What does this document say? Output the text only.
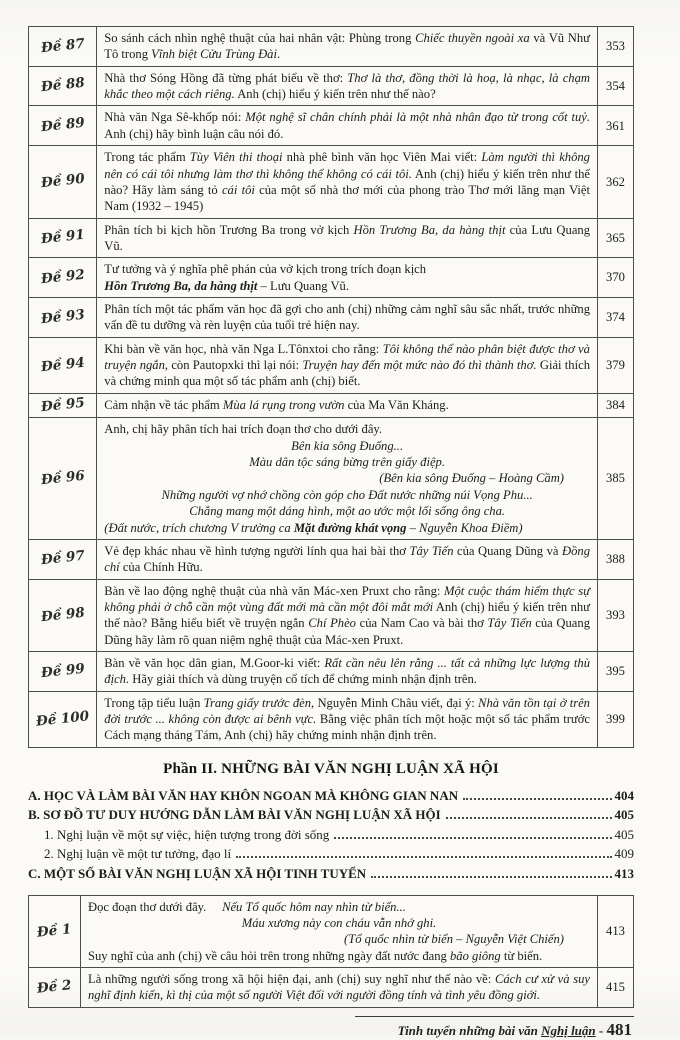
Đề 87	So sánh cách nhìn nghệ thuật của hai nhân vật: Phùng trong Chiếc thuyền ngoài xa và Vũ Như Tô trong Vĩnh biệt Cửu Trùng Đài.	353
Đề 88	Nhà thơ Sóng Hồng đã từng phát biểu về thơ: Thơ là thơ, đồng thời là hoạ, là nhạc, là chạm khắc theo một cách riêng. Anh (chị) hiểu ý kiến trên như thế nào?	354
Đề 89	Nhà văn Nga Sê-khốp nói: Một nghệ sĩ chân chính phải là một nhà nhân đạo từ trong cốt tuỷ. Anh (chị) hãy bình luận câu nói đó.	361
Đề 90	Trong tác phẩm Tùy Viên thi thoại nhà phê bình văn học Viên Mai viết: Làm người thì không nên có cái tôi nhưng làm thơ thì không thể không có cái tôi. Anh (chị) hiểu ý kiến trên như thế nào? Hãy làm sáng tỏ cái tôi của một số nhà thơ mới của phong trào Thơ mới lãng mạn Việt Nam (1932 – 1945)	362
Đề 91	Phân tích bi kịch hồn Trương Ba trong vở kịch Hồn Trương Ba, da hàng thịt của Lưu Quang Vũ.	365
Đề 92	Tư tưởng và ý nghĩa phê phán của vở kịch trong trích đoạn kịch
Hồn Trương Ba, da hàng thịt – Lưu Quang Vũ.	370
Đề 93	Phân tích một tác phẩm văn học đã gợi cho anh (chị) những cảm nghĩ sâu sắc nhất, trước những vấn đề tu dưỡng và rèn luyện của tuổi trẻ hiện nay.	374
Đề 94	Khi bàn về văn học, nhà văn Nga L.Tônxtoi cho rằng: Tôi không thể nào phân biệt được thơ và truyện ngắn, còn Pautopxki thì lại nói: Truyện hay đến một mức nào đó thì thành thơ. Giải thích và chứng minh qua một số tác phẩm anh (chị) biết.	379
Đề 95	Cảm nhận về tác phẩm Mùa lá rụng trong vườn của Ma Văn Kháng.	384
Đề 96	
Anh, chị hãy phân tích hai trích đoạn thơ cho dưới đây.
Bên kia sông Đuống...
Màu dân tộc sáng bừng trên giấy điệp.
(Bên kia sông Đuống – Hoàng Cầm)
Những người vợ nhớ chồng còn góp cho Đất nước những núi Vọng Phu...
Chẳng mang một dáng hình, một ao ước một lối sống ông cha.
(Đất nước, trích chương V trường ca Mặt đường khát vọng – Nguyễn Khoa Điềm)
	385
Đề 97	Vẻ đẹp khác nhau về hình tượng người lính qua hai bài thơ Tây Tiến của Quang Dũng và Đồng chí của Chính Hữu.	388
Đề 98	Bàn về lao động nghệ thuật của nhà văn Mác-xen Pruxt cho rằng: Một cuộc thám hiểm thực sự không phải ở chỗ cần một vùng đất mới mà cần một đôi mắt mới Anh (chị) hiểu ý kiến trên như thế nào? Bằng hiểu biết về truyện ngắn Chí Phèo của Nam Cao và bài thơ Tây Tiến của Quang Dũng hãy làm rõ quan niệm nghệ thuật của Mác-xen Pruxt.	393
Đề 99	Bàn về văn học dân gian, M.Goor-ki viết: Rất cần nêu lên rằng ... tất cả những lực lượng thù địch. Hãy giải thích và dùng truyện cổ tích để chứng minh nhận định trên.	395
Đề 100	Trong tập tiểu luận Trang giấy trước đèn, Nguyễn Minh Châu viết, đại ý: Nhà văn tồn tại ở trên đời trước ... không còn được ai bênh vực. Bằng việc phân tích một hoặc một số tác phẩm trước Cách mạng tháng Tám, Anh (chị) hãy chứng minh nhận định trên.	399
Phần II. NHỮNG BÀI VĂN NGHỊ LUẬN XÃ HỘI
A. HỌC VÀ LÀM BÀI VĂN HAY KHÔN NGOAN MÀ KHÔNG GIAN NAN	404
B. SƠ ĐỒ TƯ DUY HƯỚNG DẪN LÀM BÀI VĂN NGHỊ LUẬN XÃ HỘI	405
1. Nghị luận về một sự việc, hiện tượng trong đời sống	405
2. Nghị luận về một tư tưởng, đạo lí	409
C. MỘT SỐ BÀI VĂN NGHỊ LUẬN XÃ HỘI TINH TUYỂN	413
Đề 1	Đọc đoạn thơ dưới đây.     Nếu Tổ quốc hôm nay nhìn từ biển...
Máu xương này con cháu vẫn nhớ ghi.
(Tổ quốc nhìn từ biển – Nguyễn Việt Chiến)
Suy nghĩ của anh (chị) về câu hỏi trên trong những ngày đất nước đang bão giông từ biển.	413
Đề 2	Là những người sống trong xã hội hiện đại, anh (chị) suy nghĩ như thế nào về: Cách cư xử và suy nghĩ định kiến, kì thị của một số người Việt đối với người đồng tính và tình yêu đồng giới.	415
Tinh tuyển những bài văn Nghị luận - 481
